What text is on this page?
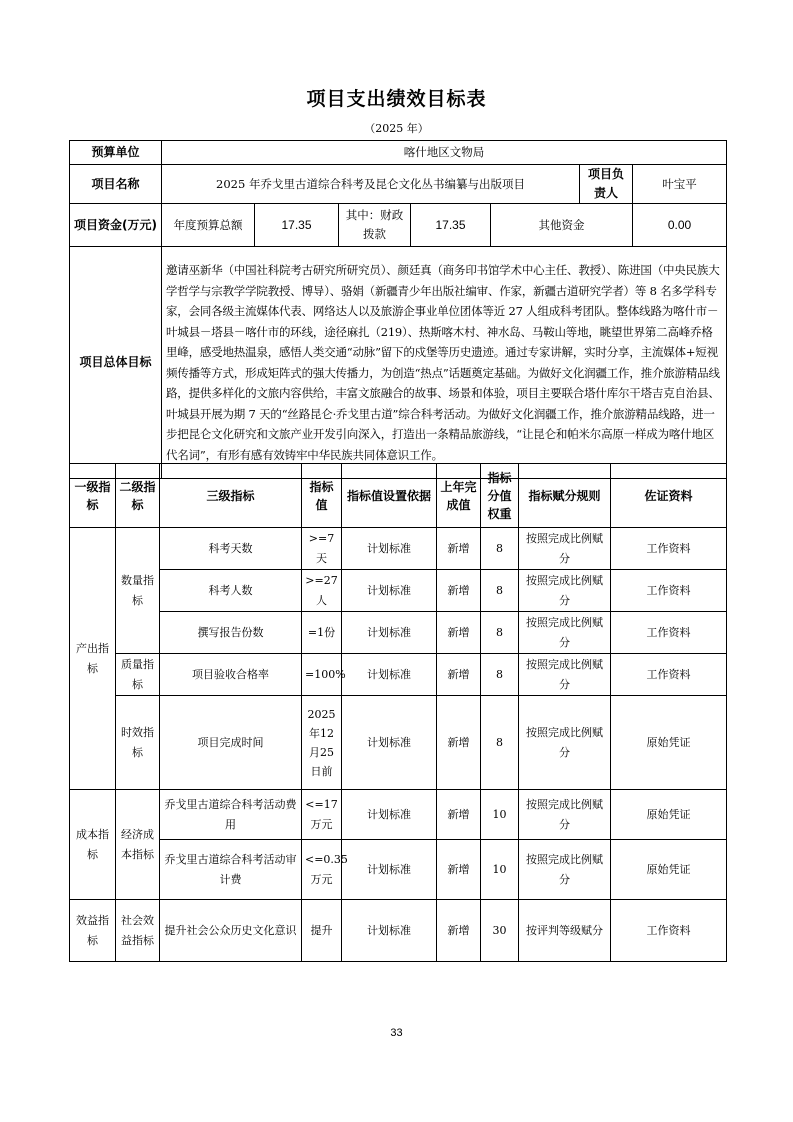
项目支出绩效目标表
（2025 年）
预算单位	喀什地区文物局						
项目名称	2025 年乔戈里古道综合科考及昆仑文化丛书编纂与出版项目					项目负责人	叶宝平
项目资金(万元)	年度预算总额	17.35	其中：财政拨款	17.35	其他资金		0.00
项目总体目标	邀请巫新华（中国社科院考古研究所研究员）、颜廷真（商务印书馆学术中心主任、教授）、陈进国（中央民族大学哲学与宗教学学院教授、博导）、骆娟（新疆青少年出版社编审、作家，新疆古道研究学者）等 8 名多学科专家，会同各级主流媒体代表、网络达人以及旅游企事业单位团体等近 27 人组成科考团队。整体线路为喀什市－叶城县－塔县－喀什市的环线，途径麻扎（219）、热斯喀木村、神水岛、马鞍山等地，眺望世界第二高峰乔格里峰，感受地热温泉，感悟人类交通“动脉”留下的戍堡等历史遗迹。通过专家讲解，实时分享，主流媒体+短视频传播等方式，形成矩阵式的强大传播力，为创造“热点”话题奠定基础。为做好文化润疆工作，推介旅游精品线路，提供多样化的文旅内容供给，丰富文旅融合的故事、场景和体验，项目主要联合塔什库尔干塔吉克自治县、叶城县开展为期 7 天的“丝路昆仑·乔戈里古道”综合科考活动。为做好文化润疆工作，推介旅游精品线路，进一步把昆仑文化研究和文旅产业开发引向深入，打造出一条精品旅游线，“让昆仑和帕米尔高原一样成为喀什地区代名词”，有形有感有效铸牢中华民族共同体意识工作。						
一级指标	二级指标	三级指标	指标值	指标值设置依据	上年完成值	指标分值权重	指标赋分规则	佐证资料
产出指标	数量指标	科考天数	>=7天	计划标准	新增	8	按照完成比例赋分	工作资料
		科考人数	>=27人	计划标准	新增	8	按照完成比例赋分	工作资料
		撰写报告份数	=1份	计划标准	新增	8	按照完成比例赋分	工作资料
	质量指标	项目验收合格率	=100%	计划标准	新增	8	按照完成比例赋分	工作资料
	时效指标	项目完成时间	2025年12月25日前	计划标准	新增	8	按照完成比例赋分	原始凭证
成本指标	经济成本指标	乔戈里古道综合科考活动费用	<=17万元	计划标准	新增	10	按照完成比例赋分	原始凭证
		乔戈里古道综合科考活动审计费	<=0.35万元	计划标准	新增	10	按照完成比例赋分	原始凭证
效益指标	社会效益指标	提升社会公众历史文化意识	提升	计划标准	新增	30	按评判等级赋分	工作资料
33
